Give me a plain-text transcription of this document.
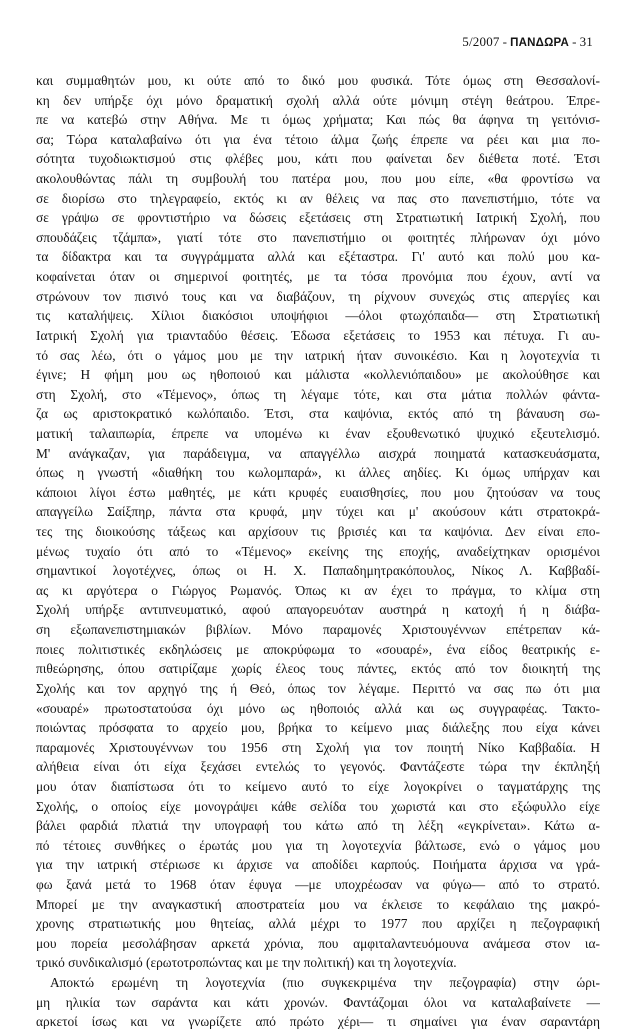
5/2007 - ΠΑΝΔΩΡΑ - 31
και συμμαθητών μου, κι ούτε από το δικό μου φυσικά. Τότε όμως στη Θεσσαλονί-
κη δεν υπήρξε όχι μόνο δραματική σχολή αλλά ούτε μόνιμη στέγη θεάτρου. Έπρε-
πε να κατεβώ στην Αθήνα. Με τι όμως χρήματα; Και πώς θα άφηνα τη γειτόνισ-
σα; Τώρα καταλαβαίνω ότι για ένα τέτοιο άλμα ζωής έπρεπε να ρέει και μια πο-
σότητα τυχοδιωκτισμού στις φλέβες μου, κάτι που φαίνεται δεν διέθετα ποτέ. Έτσι
ακολουθώντας πάλι τη συμβουλή του πατέρα μου, που μου είπε, «θα φροντίσω να
σε διορίσω στο τηλεγραφείο, εκτός κι αν θέλεις να πας στο πανεπιστήμιο, τότε να
σε γράψω σε φροντιστήριο να δώσεις εξετάσεις στη Στρατιωτική Ιατρική Σχολή, που
σπουδάζεις τζάμπα», γιατί τότε στο πανεπιστήμιο οι φοιτητές πλήρωναν όχι μόνο
τα δίδακτρα και τα συγγράμματα αλλά και εξέταστρα. Γι' αυτό και πολύ μου κα-
κοφαίνεται όταν οι σημερινοί φοιτητές, με τα τόσα προνόμια που έχουν, αντί να
στρώνουν τον πισινό τους και να διαβάζουν, τη ρίχνουν συνεχώς στις απεργίες και
τις καταλήψεις. Χίλιοι διακόσιοι υποψήφιοι —όλοι φτωχόπαιδα— στη Στρατιωτική
Ιατρική Σχολή για τριανταδύο θέσεις. Έδωσα εξετάσεις το 1953 και πέτυχα. Γι αυ-
τό σας λέω, ότι ο γάμος μου με την ιατρική ήταν συνοικέσιο. Και η λογοτεχνία τι
έγινε; Η φήμη μου ως ηθοποιού και μάλιστα «κολλενιόπαιδου» με ακολούθησε και
στη Σχολή, στο «Τέμενος», όπως τη λέγαμε τότε, και στα μάτια πολλών φάντα-
ζα ως αριστοκρατικό κωλόπαιδο. Έτσι, στα καψόνια, εκτός από τη βάναυση σω-
ματική ταλαιπωρία, έπρεπε να υπομένω κι έναν εξουθενωτικό ψυχικό εξευτελισμό.
Μ' ανάγκαζαν, για παράδειγμα, να απαγγέλλω αισχρά ποιηματά κατασκευάσματα,
όπως η γνωστή «διαθήκη του κωλομπαρά», κι άλλες αηδίες. Κι όμως υπήρχαν και
κάποιοι λίγοι έστω μαθητές, με κάτι κρυφές ευαισθησίες, που μου ζητούσαν να τους
απαγγείλω Σαίξπηρ, πάντα στα κρυφά, μην τύχει και μ' ακούσουν κάτι στρατοκρά-
τες της διοικούσης τάξεως και αρχίσουν τις βρισιές και τα καψόνια. Δεν είναι επο-
μένως τυχαίο ότι από το «Τέμενος» εκείνης της εποχής, αναδείχτηκαν ορισμένοι
σημαντικοί λογοτέχνες, όπως οι Η. Χ. Παπαδημητρακόπουλος, Νίκος Λ. Καββαδί-
ας κι αργότερα ο Γιώργος Ρωμανός. Όπως κι αν έχει το πράγμα, το κλίμα στη
Σχολή υπήρξε αντιπνευματικό, αφού απαγορευόταν αυστηρά η κατοχή ή η διάβα-
ση εξωπανεπιστημιακών βιβλίων. Μόνο παραμονές Χριστουγέννων επέτρεπαν κά-
ποιες πολιτιστικές εκδηλώσεις με αποκρύφωμα το «σουαρέ», ένα είδος θεατρικής ε-
πιθεώρησης, όπου σατιρίζαμε χωρίς έλεος τους πάντες, εκτός από τον διοικητή της
Σχολής και τον αρχηγό της ή Θεό, όπως τον λέγαμε. Περιττό να σας πω ότι μια
«σουαρέ» πρωτοστατούσα όχι μόνο ως ηθοποιός αλλά και ως συγγραφέας. Τακτο-
ποιώντας πρόσφατα το αρχείο μου, βρήκα το κείμενο μιας διάλεξης που είχα κάνει
παραμονές Χριστουγέννων του 1956 στη Σχολή για τον ποιητή Νίκο Καββαδία. Η
αλήθεια είναι ότι είχα ξεχάσει εντελώς το γεγονός. Φαντάζεστε τώρα την έκπληξή
μου όταν διαπίστωσα ότι το κείμενο αυτό το είχε λογοκρίνει ο ταγματάρχης της
Σχολής, ο οποίος είχε μονογράψει κάθε σελίδα του χωριστά και στο εξώφυλλο είχε
βάλει φαρδιά πλατιά την υπογραφή του κάτω από τη λέξη «εγκρίνεται». Κάτω α-
πό τέτοιες συνθήκες ο έρωτάς μου για τη λογοτεχνία βάλτωσε, ενώ ο γάμος μου
για την ιατρική στέριωσε κι άρχισε να αποδίδει καρπούς. Ποιήματα άρχισα να γρά-
φω ξανά μετά το 1968 όταν έφυγα —με υποχρέωσαν να φύγω— από το στρατό.
Μπορεί με την αναγκαστική αποστρατεία μου να έκλεισε το κεφάλαιο της μακρό-
χρονης στρατιωτικής μου θητείας, αλλά μέχρι το 1977 που αρχίζει η πεζογραφική
μου πορεία μεσολάβησαν αρκετά χρόνια, που αμφιταλαντευόμουνα ανάμεσα στον ια-
τρικό συνδικαλισμό (ερωτοτροπώντας και με την πολιτική) και τη λογοτεχνία.
Αποκτώ ερωμένη τη λογοτεχνία (πιο συγκεκριμένα την πεζογραφία) στην ώρι-
μη ηλικία των σαράντα και κάτι χρονών. Φαντάζομαι όλοι να καταλαβαίνετε —
αρκετοί ίσως και να γνωρίζετε από πρώτο χέρι— τι σημαίνει για έναν σαραντάρη
